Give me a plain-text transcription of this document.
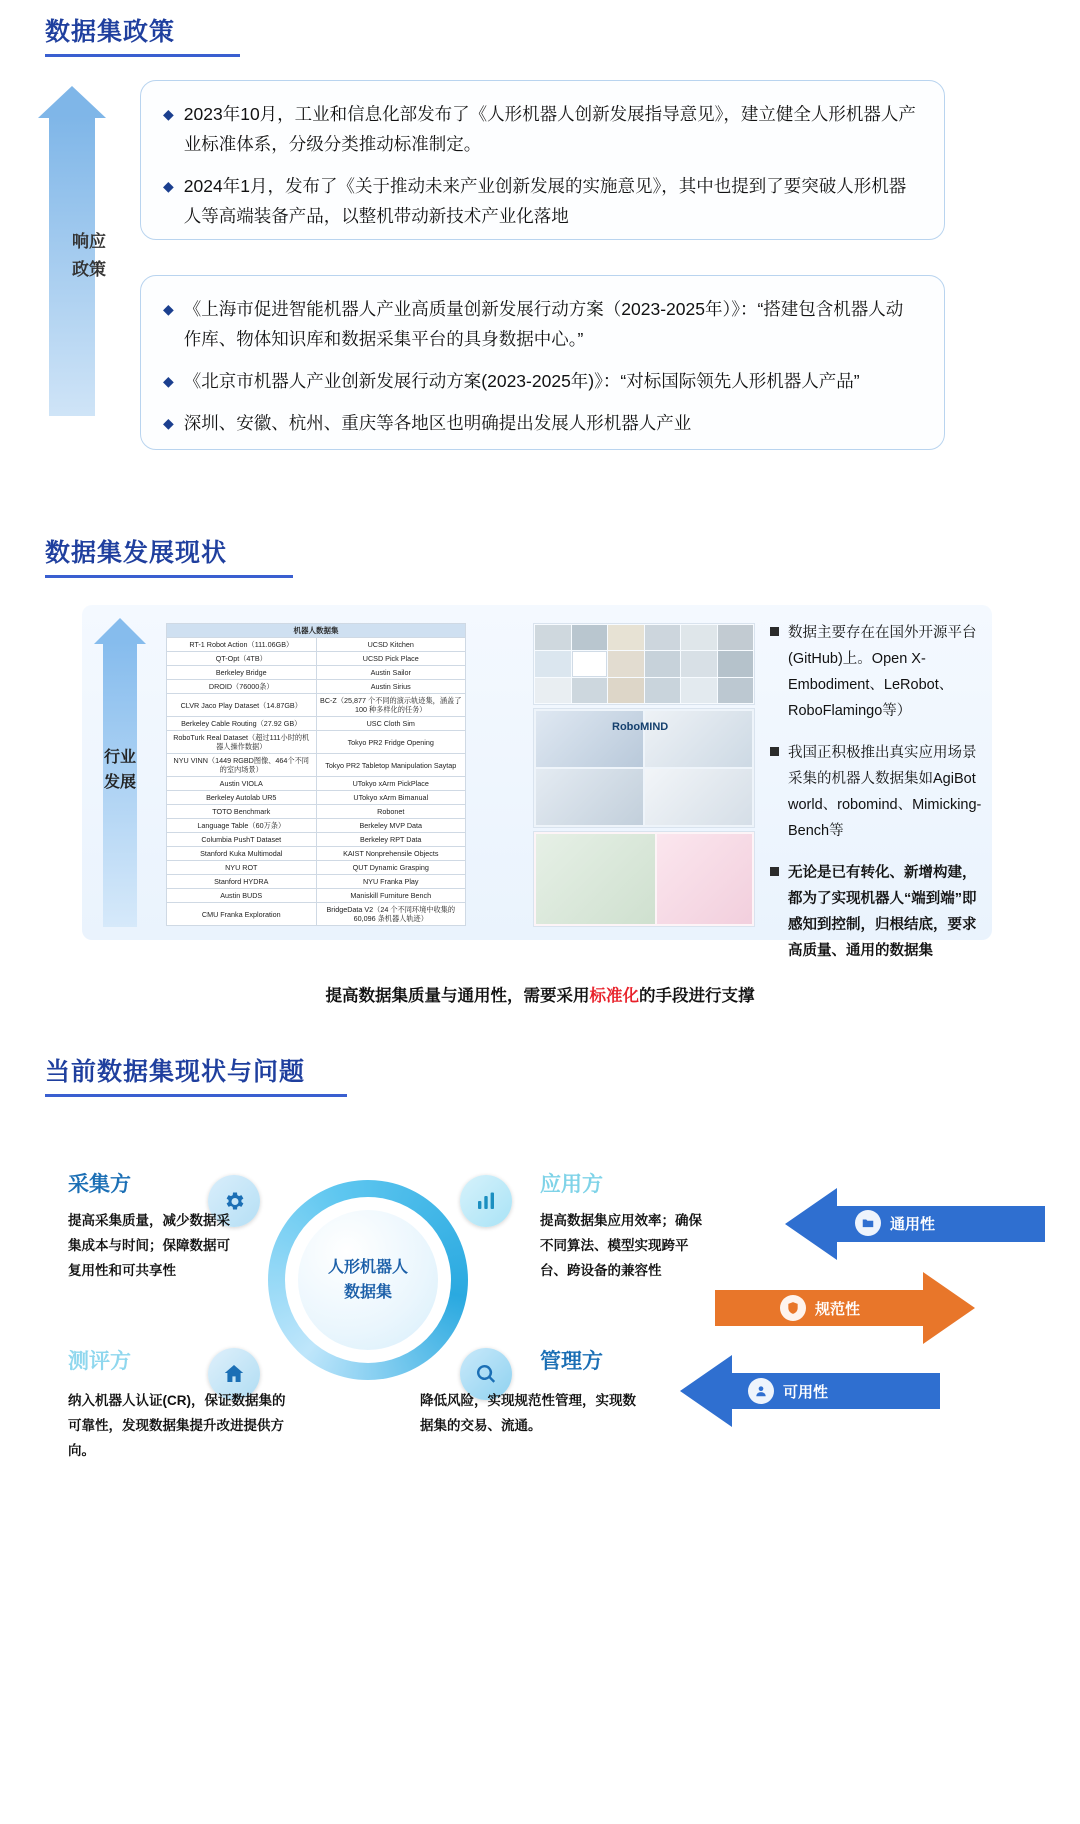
数据集政策
响应
政策
◆ 2023年10月，工业和信息化部发布了《人形机器人创新发展指导意见》，建立健全人形机器人产业标准体系，分级分类推动标准制定。
◆ 2024年1月，发布了《关于推动未来产业创新发展的实施意见》，其中也提到了要突破人形机器人等高端装备产品，以整机带动新技术产业化落地
◆ 《上海市促进智能机器人产业高质量创新发展行动方案（2023-2025年）》：“搭建包含机器人动作库、物体知识库和数据采集平台的具身数据中心。”
◆ 《北京市机器人产业创新发展行动方案(2023-2025年)》：“对标国际领先人形机器人产品”
◆ 深圳、安徽、杭州、重庆等各地区也明确提出发展人形机器人产业
数据集发展现状
行业
发展
机器人数据集	
RT-1 Robot Action（111.06GB）	UCSD Kitchen
QT-Opt（4TB）	UCSD Pick Place
Berkeley Bridge	Austin Sailor
DROID（76000条）	Austin Sirius
CLVR Jaco Play Dataset（14.87GB）	BC-Z（25,877 个不同的演示轨迹集，涵盖了100 种多样化的任务）
Berkeley Cable Routing（27.92 GB）	USC Cloth Sim
RoboTurk Real Dataset（超过111小时的机器人操作数据）	Tokyo PR2 Fridge Opening
NYU VINN（1449 RGBD图像、464个不同的室内场景）	Tokyo PR2 Tabletop Manipulation Saytap
Austin VIOLA	UTokyo xArm PickPlace
Berkeley Autolab UR5	UTokyo xArm Bimanual
TOTO Benchmark	Robonet
Language Table（60万条）	Berkeley MVP Data
Columbia PushT Dataset	Berkeley RPT Data
Stanford Kuka Multimodal	KAIST Nonprehensile Objects
NYU ROT	QUT Dynamic Grasping
Stanford HYDRA	NYU Franka Play
Austin BUDS	Maniskill Furniture Bench
CMU Franka Exploration	BridgeData V2（24 个不同环境中收集的 60,096 条机器人轨迹）
RoboMIND
数据主要存在在国外开源平台(GitHub)上。Open X-Embodiment、LeRobot、RoboFlamingo等）
我国正积极推出真实应用场景采集的机器人数据集如AgiBot world、robomind、Mimicking-Bench等
无论是已有转化、新增构建，都为了实现机器人“端到端”即感知到控制，归根结底，要求高质量、通用的数据集
提高数据集质量与通用性，需要采用标准化的手段进行支撑
当前数据集现状与问题
人形机器人
数据集
采集方
提高采集质量，减少数据采集成本与时间；保障数据可复用性和可共享性
应用方
提高数据集应用效率；确保不同算法、模型实现跨平台、跨设备的兼容性
测评方
纳入机器人认证(CR)，保证数据集的可靠性，发现数据集提升改进提供方向。
管理方
降低风险，实现规范性管理，实现数据集的交易、流通。
通用性
规范性
可用性
